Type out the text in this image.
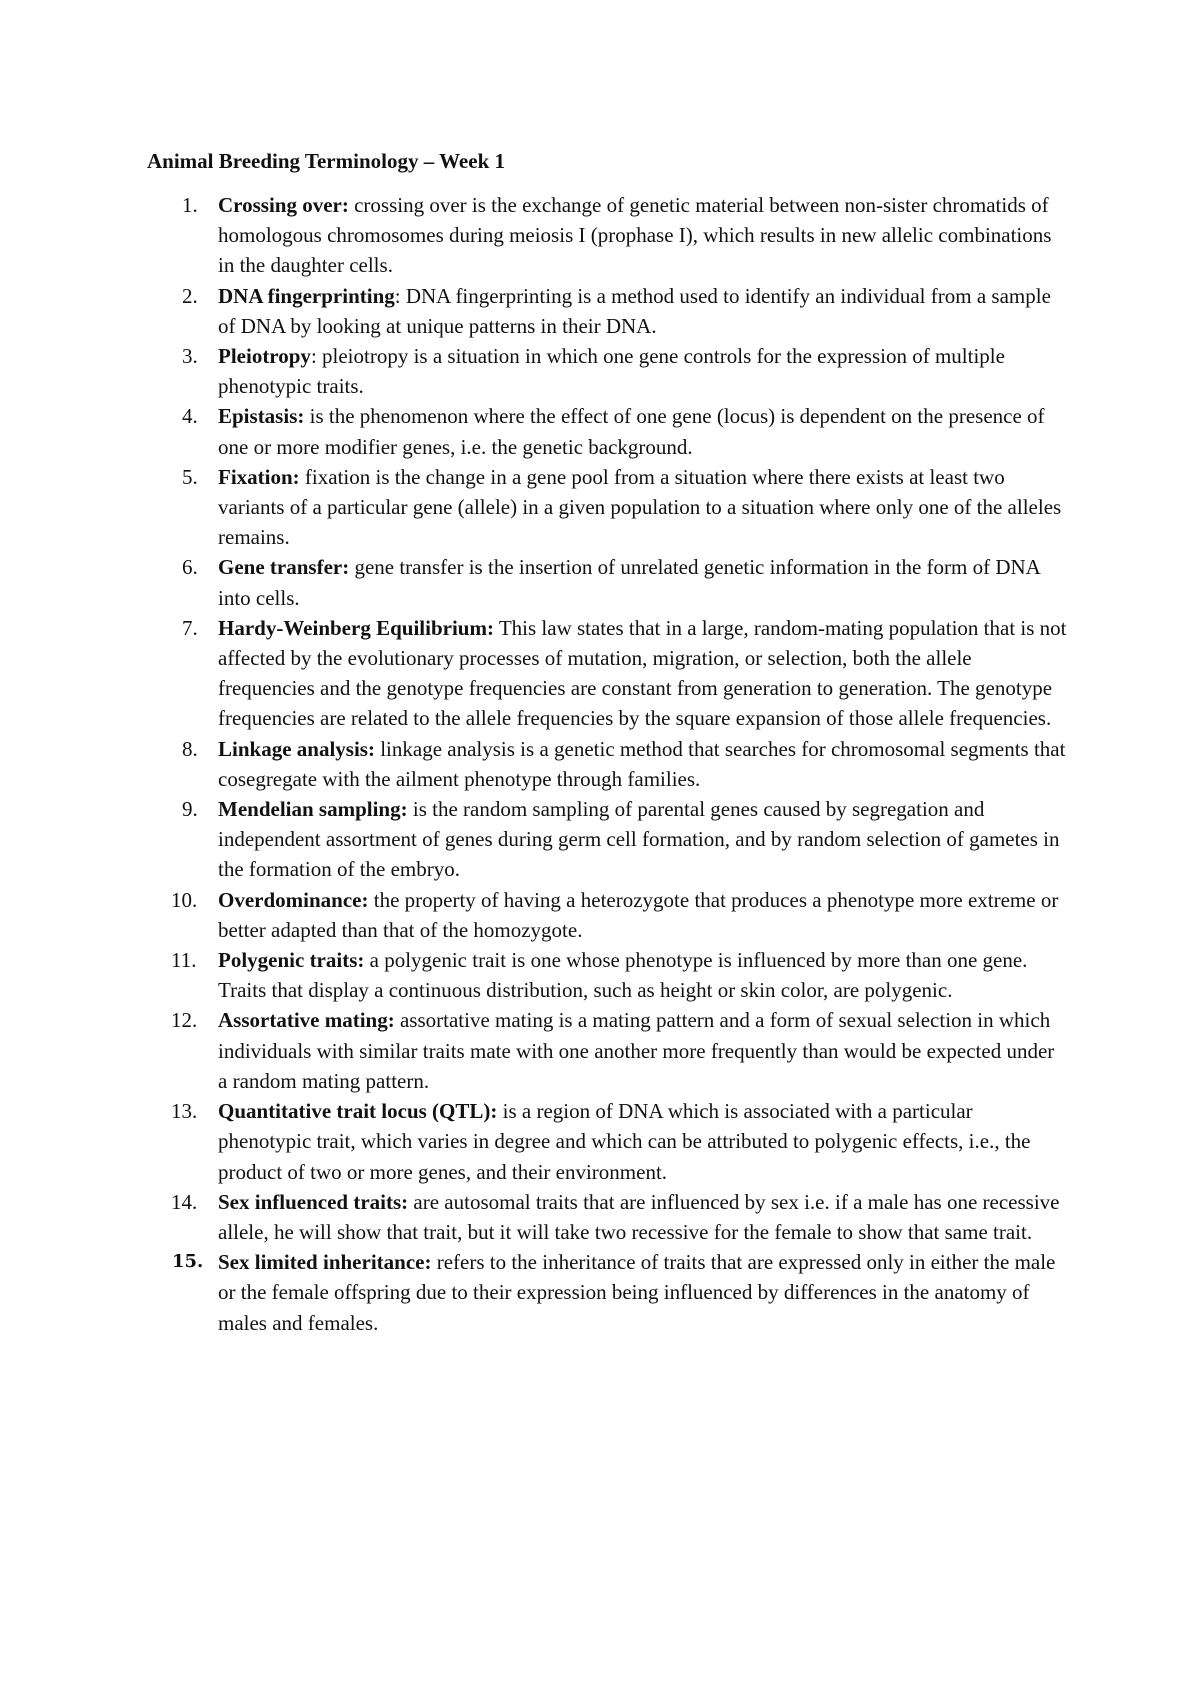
Animal Breeding Terminology – Week 1
1. Crossing over: crossing over is the exchange of genetic material between non-sister chromatids of homologous chromosomes during meiosis I (prophase I), which results in new allelic combinations in the daughter cells.
2. DNA fingerprinting: DNA fingerprinting is a method used to identify an individual from a sample of DNA by looking at unique patterns in their DNA.
3. Pleiotropy: pleiotropy is a situation in which one gene controls for the expression of multiple phenotypic traits.
4. Epistasis: is the phenomenon where the effect of one gene (locus) is dependent on the presence of one or more modifier genes, i.e. the genetic background.
5. Fixation: fixation is the change in a gene pool from a situation where there exists at least two variants of a particular gene (allele) in a given population to a situation where only one of the alleles remains.
6. Gene transfer: gene transfer is the insertion of unrelated genetic information in the form of DNA into cells.
7. Hardy-Weinberg Equilibrium: This law states that in a large, random-mating population that is not affected by the evolutionary processes of mutation, migration, or selection, both the allele frequencies and the genotype frequencies are constant from generation to generation. The genotype frequencies are related to the allele frequencies by the square expansion of those allele frequencies.
8. Linkage analysis: linkage analysis is a genetic method that searches for chromosomal segments that cosegregate with the ailment phenotype through families.
9. Mendelian sampling: is the random sampling of parental genes caused by segregation and independent assortment of genes during germ cell formation, and by random selection of gametes in the formation of the embryo.
10. Overdominance: the property of having a heterozygote that produces a phenotype more extreme or better adapted than that of the homozygote.
11. Polygenic traits: a polygenic trait is one whose phenotype is influenced by more than one gene. Traits that display a continuous distribution, such as height or skin color, are polygenic.
12. Assortative mating: assortative mating is a mating pattern and a form of sexual selection in which individuals with similar traits mate with one another more frequently than would be expected under a random mating pattern.
13. Quantitative trait locus (QTL): is a region of DNA which is associated with a particular phenotypic trait, which varies in degree and which can be attributed to polygenic effects, i.e., the product of two or more genes, and their environment.
14. Sex influenced traits: are autosomal traits that are influenced by sex i.e. if a male has one recessive allele, he will show that trait, but it will take two recessive for the female to show that same trait.
15. Sex limited inheritance: refers to the inheritance of traits that are expressed only in either the male or the female offspring due to their expression being influenced by differences in the anatomy of males and females.
